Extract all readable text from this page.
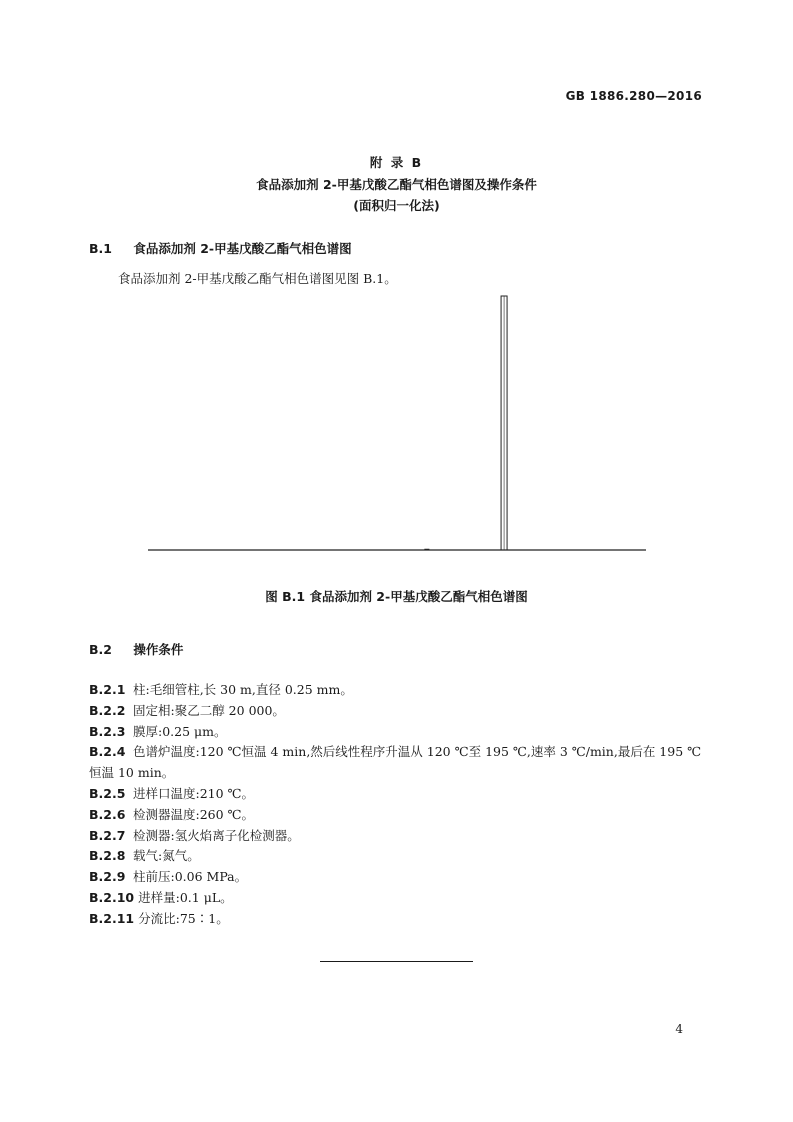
GB 1886.280—2016
附 录 B
食品添加剂 2-甲基戊酸乙酯气相色谱图及操作条件
(面积归一化法)
B.1 食品添加剂 2-甲基戊酸乙酯气相色谱图
食品添加剂 2-甲基戊酸乙酯气相色谱图见图 B.1。
图 B.1 食品添加剂 2-甲基戊酸乙酯气相色谱图
B.2 操作条件
B.2.1 柱:毛细管柱,长 30 m,直径 0.25 mm。
B.2.2 固定相:聚乙二醇 20 000。
B.2.3 膜厚:0.25 μm。
B.2.4 色谱炉温度:120 ℃恒温 4 min,然后线性程序升温从 120 ℃至 195 ℃,速率 3 ℃/min,最后在 195 ℃恒温 10 min。
B.2.5 进样口温度:210 ℃。
B.2.6 检测器温度:260 ℃。
B.2.7 检测器:氢火焰离子化检测器。
B.2.8 载气:氮气。
B.2.9 柱前压:0.06 MPa。
B.2.10 进样量:0.1 μL。
B.2.11 分流比:75∶1。
4
